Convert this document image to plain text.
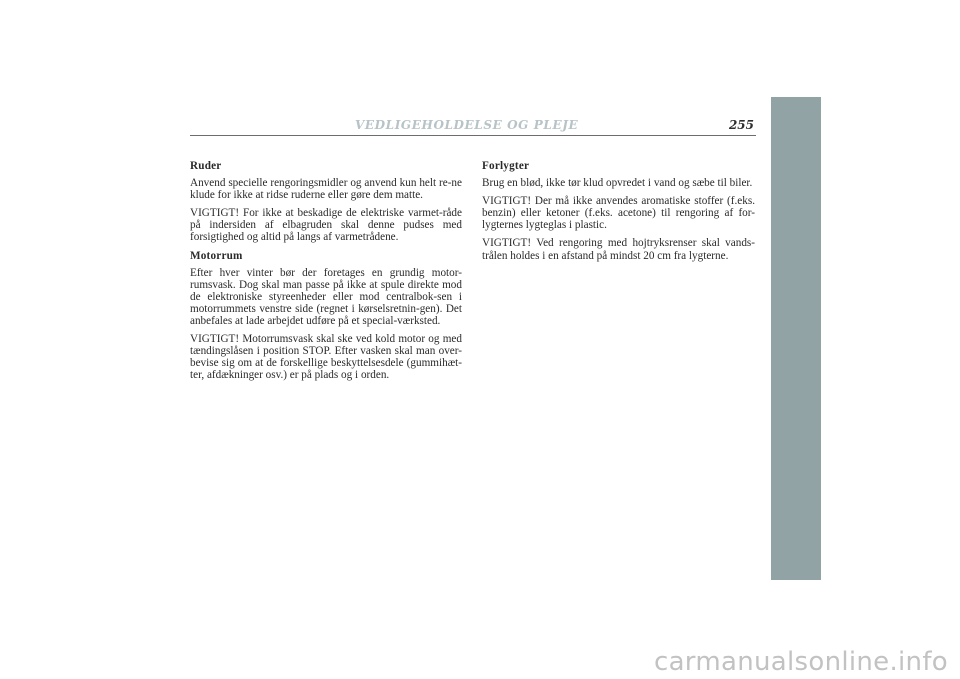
VEDLIGEHOLDELSE OG PLEJE	255
Ruder

Anvend specielle rengoringsmidler og anvend kun helt re-ne klude for ikke at ridse ruderne eller gøre dem matte.

VIGTIGT! For ikke at beskadige de elektriske varmet-råde på indersiden af elbagruden skal denne pudses med forsigtighed og altid på langs af varmetrådene.

Motorrum

Efter hver vinter bør der foretages en grundig motor-rumsvask. Dog skal man passe på ikke at spule direkte mod de elektroniske styreenheder eller mod centralbok-sen i motorrummets venstre side (regnet i kørselsretnin-gen). Det anbefales at lade arbejdet udføre på et special-værksted.

VIGTIGT! Motorrumsvask skal ske ved kold motor og med tændingslåsen i position STOP. Efter vasken skal man over-bevise sig om at de forskellige beskyttelsesdele (gummihæt-ter, afdækninger osv.) er på plads og i orden.

Forlygter

Brug en blød, ikke tør klud opvredet i vand og sæbe til biler.

VIGTIGT! Der må ikke anvendes aromatiske stoffer (f.eks. benzin) eller ketoner (f.eks. acetone) til rengoring af for-lygternes lygteglas i plastic.

VIGTIGT! Ved rengoring med hojtryksrenser skal vands-trålen holdes i en afstand på mindst 20 cm fra lygterne.

carmanualsonline.info
